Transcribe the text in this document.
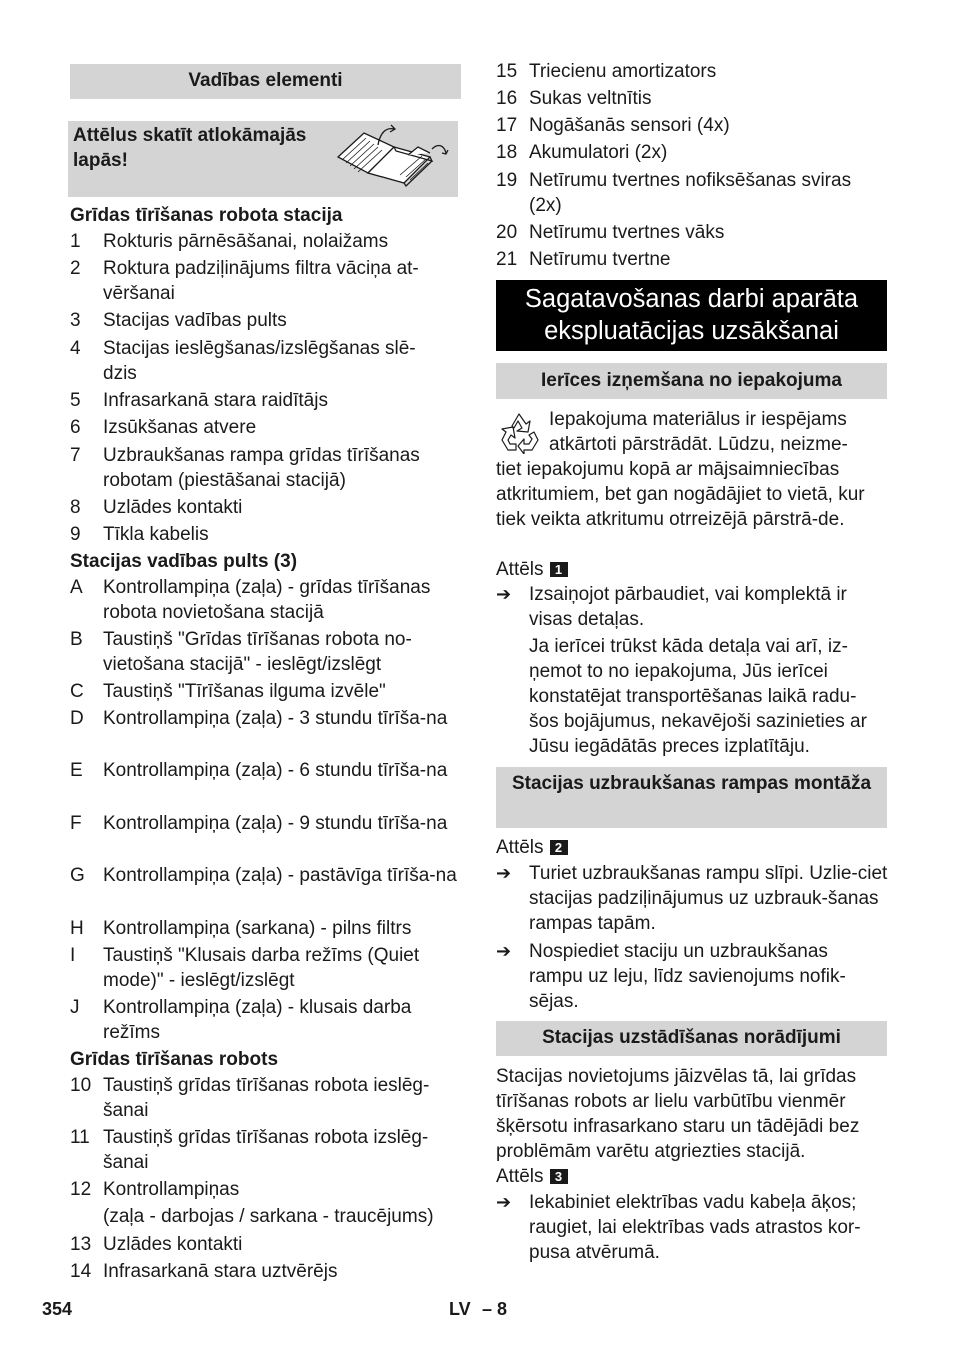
Vadības elementi
Attēlus skatīt atlokāmajās lapās!
Grīdas tīrīšanas robota stacija
1	Rokturis pārnēsāšanai, nolaižams
2	Roktura padziļinājums filtra vāciņa at-vēršanai
3	Stacijas vadības pults
4	Stacijas ieslēgšanas/izslēgšanas slē-dzis
5	Infrasarkanā stara raidītājs
6	Izsūkšanas atvere
7	Uzbraukšanas rampa grīdas tīrīšanas robotam (piestāšanai stacijā)
8	Uzlādes kontakti
9	Tīkla kabelis
Stacijas vadības pults (3)
A	Kontrollampiņa (zaļa) - grīdas tīrīšanas robota novietošana stacijā
B	Taustiņš "Grīdas tīrīšanas robota no-vietošana stacijā" - ieslēgt/izslēgt
C	Taustiņš "Tīrīšanas ilguma izvēle"
D	Kontrollampiņa (zaļa) - 3 stundu tīrīša-na
E	Kontrollampiņa (zaļa) - 6 stundu tīrīša-na
F	Kontrollampiņa (zaļa) - 9 stundu tīrīša-na
G Kontrollampiņa (zaļa) - pastāvīga tīrīša-na
H	Kontrollampiņa (sarkana) - pilns filtrs
I	Taustiņš "Klusais darba režīms (Quiet mode)" - ieslēgt/izslēgt
J	Kontrollampiņa (zaļa) - klusais darba režīms
Grīdas tīrīšanas robots
10 Taustiņš grīdas tīrīšanas robota ieslēg-šanai
11 Taustiņš grīdas tīrīšanas robota izslēg-šanai
12 Kontrollampiņas
(zaļa - darbojas / sarkana - traucējums)
13 Uzlādes kontakti
14 Infrasarkanā stara uztvērējs
15 Triecienu amortizators
16 Sukas veltnītis
17 Nogāšanās sensori (4x)
18 Akumulatori (2x)
19 Netīrumu tvertnes nofiksēšanas sviras (2x)
20 Netīrumu tvertnes vāks
21 Netīrumu tvertne
Sagatavošanas darbi aparāta ekspluatācijas uzsākšanai
Ierīces izņemšana no iepakojuma
Iepakojuma materiālus ir iespējams atkārtoti pārstrādāt. Lūdzu, neizme-
tiet iepakojumu kopā ar mājsaimniecības atkritumiem, bet gan nogādājiet to vietā, kur tiek veikta atkritumu otrreizējā pārstrā-de.
Attēls 1
➔ Izsaiņojot pārbaudiet, vai komplektā ir visas detaļas.
Ja ierīcei trūkst kāda detaļa vai arī, iz-ņemot to no iepakojuma, Jūs ierīcei konstatējat transportēšanas laikā radu-šos bojājumus, nekavējoši sazinieties ar Jūsu iegādātās preces izplatītāju.
Stacijas uzbraukšanas rampas montāža
Attēls 2
➔ Turiet uzbraukšanas rampu slīpi. Uzlie-ciet stacijas padziļinājumus uz uzbrauk-šanas rampas tapām.
➔ Nospiediet staciju un uzbraukšanas rampu uz leju, līdz savienojums nofik-sējas.
Stacijas uzstādīšanas norādījumi
Stacijas novietojums jāizvēlas tā, lai grīdas tīrīšanas robots ar lielu varbūtību vienmēr šķērsotu infrasarkano staru un tādējādi bez problēmām varētu atgriezties stacijā.
Attēls 3
➔ Iekabiniet elektrības vadu kabeļa āķos; raugiet, lai elektrības vads atrastos kor-pusa atvērumā.
354	LV – 8
